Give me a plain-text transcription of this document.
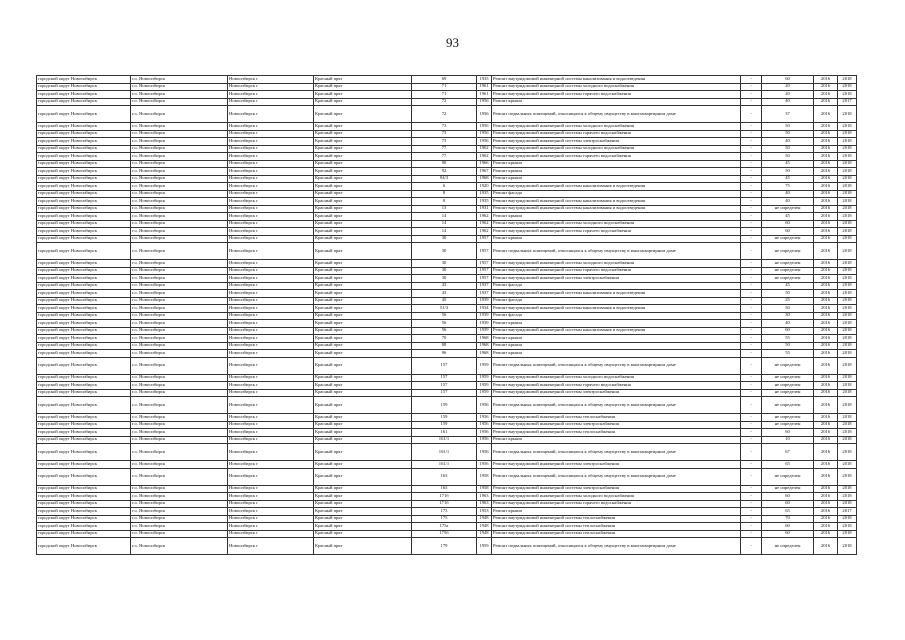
93
городской округ Новосибирск	г.о. Новосибирск	Новосибирск г	Красный пркт	69	1935	Ремонт внутридомовой инженерной системы канализования и водоотведения	-	60	2016	2018
городской округ Новосибирск	г.о. Новосибирск	Новосибирск г	Красный пркт	71	1961	Ремонт внутридомовой инженерной системы холодного водоснабжения	-	20	2016	2018
городской округ Новосибирск	г.о. Новосибирск	Новосибирск г	Красный пркт	71	1961	Ремонт внутридомовой инженерной системы горячего водоснабжения	-	20	2016	2018
городской округ Новосибирск	г.о. Новосибирск	Новосибирск г	Красный пркт	72	1956	Ремонт крыши	-	40	2016	2017
городской округ Новосибирск	г.о. Новосибирск	Новосибирск г	Красный пркт	72	1956	Ремонт подвальных помещений, относящихся к общему имуществу в многоквартирном доме	-	37	2016	2018
городской округ Новосибирск	г.о. Новосибирск	Новосибирск г	Красный пркт	73	1956	Ремонт внутридомовой инженерной системы холодного водоснабжения	-	50	2016	2018
городской округ Новосибирск	г.о. Новосибирск	Новосибирск г	Красный пркт	73	1956	Ремонт внутридомовой инженерной системы горячего водоснабжения	-	50	2016	2018
городской округ Новосибирск	г.о. Новосибирск	Новосибирск г	Красный пркт	73	1956	Ремонт внутридомовой инженерной системы электроснабжения	-	40	2016	2018
городской округ Новосибирск	г.о. Новосибирск	Новосибирск г	Красный пркт	77	1962	Ремонт внутридомовой инженерной системы холодного водоснабжения	-	50	2016	2018
городской округ Новосибирск	г.о. Новосибирск	Новосибирск г	Красный пркт	77	1962	Ремонт внутридомовой инженерной системы горячего водоснабжения	-	50	2016	2018
городской округ Новосибирск	г.о. Новосибирск	Новосибирск г	Красный пркт	90	1966	Ремонт крыши	-	45	2016	2018
городской округ Новосибирск	г.о. Новосибирск	Новосибирск г	Красный пркт	92	1967	Ремонт крыши	-	50	2016	2018
городской округ Новосибирск	г.о. Новосибирск	Новосибирск г	Красный пркт	94/3	1968	Ремонт крыши	-	45	2016	2018
городской округ Новосибирск	г.о. Новосибирск	Новосибирск г	Красный пркт	6	1920	Ремонт внутридомовой инженерной системы канализования и водоотведения	-	75	2016	2018
городской округ Новосибирск	г.о. Новосибирск	Новосибирск г	Красный пркт	8	1935	Ремонт фасада	-	40	2016	2018
городской округ Новосибирск	г.о. Новосибирск	Новосибирск г	Красный пркт	8	1935	Ремонт внутридомовой инженерной системы канализования и водоотведения	-	40	2016	2018
городской округ Новосибирск	г.о. Новосибирск	Новосибирск г	Красный пркт	13	1931	Ремонт внутридомовой инженерной системы канализования и водоотведения	-	не определен	2016	2018
городской округ Новосибирск	г.о. Новосибирск	Новосибирск г	Красный пркт	14	1962	Ремонт крыши	-	45	2016	2018
городской округ Новосибирск	г.о. Новосибирск	Новосибирск г	Красный пркт	14	1962	Ремонт внутридомовой инженерной системы холодного водоснабжения	-	60	2016	2018
городской округ Новосибирск	г.о. Новосибирск	Новосибирск г	Красный пркт	14	1962	Ремонт внутридомовой инженерной системы горячего водоснабжения	-	60	2016	2018
городской округ Новосибирск	г.о. Новосибирск	Новосибирск г	Красный пркт	30	1957	Ремонт крыши	-	не определен	2016	2018
городской округ Новосибирск	г.о. Новосибирск	Новосибирск г	Красный пркт	30	1957	Ремонт подвальных помещений, относящихся к общему имуществу в многоквартирном доме	-	не определен	2016	2018
городской округ Новосибирск	г.о. Новосибирск	Новосибирск г	Красный пркт	30	1957	Ремонт внутридомовой инженерной системы холодного водоснабжения	-	не определен	2016	2018
городской округ Новосибирск	г.о. Новосибирск	Новосибирск г	Красный пркт	30	1957	Ремонт внутридомовой инженерной системы горячего водоснабжения	-	не определен	2016	2018
городской округ Новосибирск	г.о. Новосибирск	Новосибирск г	Красный пркт	30	1957	Ремонт внутридомовой инженерной системы электроснабжения	-	не определен	2016	2018
городской округ Новосибирск	г.о. Новосибирск	Новосибирск г	Красный пркт	43	1937	Ремонт фасада	-	45	2016	2018
городской округ Новосибирск	г.о. Новосибирск	Новосибирск г	Красный пркт	43	1937	Ремонт внутридомовой инженерной системы канализования и водоотведения	-	50	2016	2018
городской округ Новосибирск	г.о. Новосибирск	Новосибирск г	Красный пркт	45	1939	Ремонт фасада	-	25	2016	2018
городской округ Новосибирск	г.о. Новосибирск	Новосибирск г	Красный пркт	51/3	1934	Ремонт внутридомовой инженерной системы канализования и водоотведения	-	50	2016	2018
городской округ Новосибирск	г.о. Новосибирск	Новосибирск г	Красный пркт	56	1939	Ремонт фасада	-	30	2016	2018
городской округ Новосибирск	г.о. Новосибирск	Новосибирск г	Красный пркт	56	1939	Ремонт крыши	-	40	2016	2018
городской округ Новосибирск	г.о. Новосибирск	Новосибирск г	Красный пркт	56	1939	Ремонт внутридомовой инженерной системы канализования и водоотведения	-	60	2016	2018
городской округ Новосибирск	г.о. Новосибирск	Новосибирск г	Красный пркт	70	1968	Ремонт крыши	-	55	2016	2018
городской округ Новосибирск	г.о. Новосибирск	Новосибирск г	Красный пркт	88	1968	Ремонт крыши	-	50	2016	2018
городской округ Новосибирск	г.о. Новосибирск	Новосибирск г	Красный пркт	96	1968	Ремонт крыши	-	55	2016	2018
городской округ Новосибирск	г.о. Новосибирск	Новосибирск г	Красный пркт	157	1959	Ремонт подвальных помещений, относящихся к общему имуществу в многоквартирном доме	-	не определен	2016	2018
городской округ Новосибирск	г.о. Новосибирск	Новосибирск г	Красный пркт	157	1959	Ремонт внутридомовой инженерной системы холодного водоснабжения	-	не определен	2016	2018
городской округ Новосибирск	г.о. Новосибирск	Новосибирск г	Красный пркт	157	1959	Ремонт внутридомовой инженерной системы горячего водоснабжения	-	не определен	2016	2018
городской округ Новосибирск	г.о. Новосибирск	Новосибирск г	Красный пркт	157	1959	Ремонт внутридомовой инженерной системы электроснабжения	-	не определен	2016	2018
городской округ Новосибирск	г.о. Новосибирск	Новосибирск г	Красный пркт	159	1956	Ремонт подвальных помещений, относящихся к общему имуществу в многоквартирном доме	-	не определен	2016	2018
городской округ Новосибирск	г.о. Новосибирск	Новосибирск г	Красный пркт	159	1956	Ремонт внутридомовой инженерной системы теплоснабжения	-	не определен	2016	2018
городской округ Новосибирск	г.о. Новосибирск	Новосибирск г	Красный пркт	159	1956	Ремонт внутридомовой инженерной системы электроснабжения	-	не определен	2016	2018
городской округ Новосибирск	г.о. Новосибирск	Новосибирск г	Красный пркт	161	1956	Ремонт внутридомовой инженерной системы теплоснабжения	-	60	2016	2018
городской округ Новосибирск	г.о. Новосибирск	Новосибирск г	Красный пркт	161/1	1956	Ремонт крыши	-	10	2016	2018
городской округ Новосибирск	г.о. Новосибирск	Новосибирск г	Красный пркт	161/1	1956	Ремонт подвальных помещений, относящихся к общему имуществу в многоквартирном доме	-	67	2016	2018
городской округ Новосибирск	г.о. Новосибирск	Новосибирск г	Красный пркт	161/1	1956	Ремонт внутридомовой инженерной системы электроснабжения	-	65	2016	2018
городской округ Новосибирск	г.о. Новосибирск	Новосибирск г	Красный пркт	163	1958	Ремонт подвальных помещений, относящихся к общему имуществу в многоквартирном доме	-	не определен	2016	2018
городской округ Новосибирск	г.о. Новосибирск	Новосибирск г	Красный пркт	163	1958	Ремонт внутридомовой инженерной системы электроснабжения	-	не определен	2016	2018
городской округ Новосибирск	г.о. Новосибирск	Новосибирск г	Красный пркт	171б	1963	Ремонт внутридомовой инженерной системы холодного водоснабжения	-	60	2016	2018
городской округ Новосибирск	г.о. Новосибирск	Новосибирск г	Красный пркт	171б	1963	Ремонт внутридомовой инженерной системы горячего водоснабжения	-	60	2016	2018
городской округ Новосибирск	г.о. Новосибирск	Новосибирск г	Красный пркт	173	1953	Ремонт крыши	-	65	2016	2017
городской округ Новосибирск	г.о. Новосибирск	Новосибирск г	Красный пркт	175	1948	Ремонт внутридомовой инженерной системы теплоснабжения	-	70	2016	2018
городской округ Новосибирск	г.о. Новосибирск	Новосибирск г	Красный пркт	175а	1948	Ремонт внутридомовой инженерной системы теплоснабжения	-	60	2016	2018
городской округ Новосибирск	г.о. Новосибирск	Новосибирск г	Красный пркт	175б	1948	Ремонт внутридомовой инженерной системы теплоснабжения	-	60	2016	2018
городской округ Новосибирск	г.о. Новосибирск	Новосибирск г	Красный пркт	179	1959	Ремонт подвальных помещений, относящихся к общему имуществу в многоквартирном доме	-	не определен	2016	2018
